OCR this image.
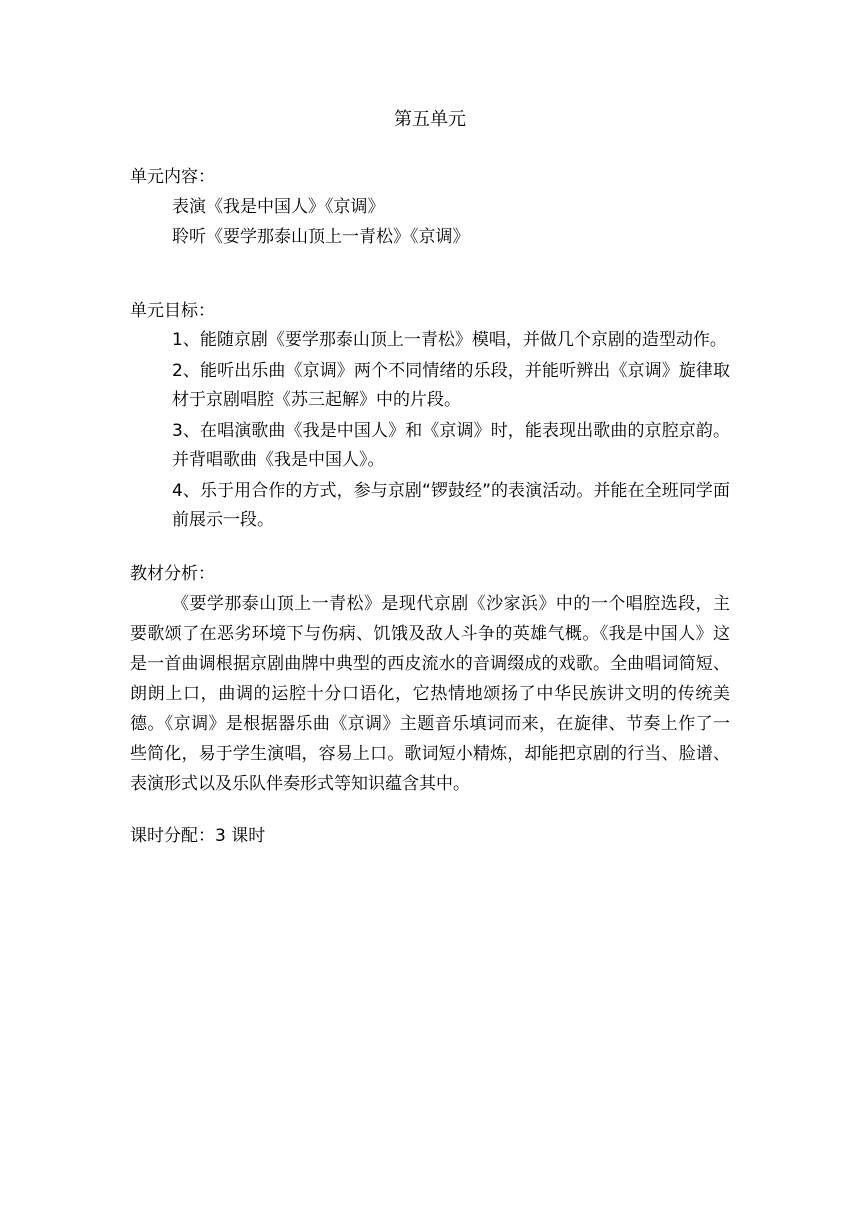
第五单元

单元内容：

表演《我是中国人》《京调》

聆听《要学那泰山顶上一青松》《京调》

单元目标：

1、能随京剧《要学那泰山顶上一青松》模唱，并做几个京剧的造型动作。

2、能听出乐曲《京调》两个不同情绪的乐段，并能听辨出《京调》旋律取材于京剧唱腔《苏三起解》中的片段。

3、在唱演歌曲《我是中国人》和《京调》时，能表现出歌曲的京腔京韵。并背唱歌曲《我是中国人》。

4、乐于用合作的方式，参与京剧“锣鼓经”的表演活动。并能在全班同学面前展示一段。

教材分析：

《要学那泰山顶上一青松》是现代京剧《沙家浜》中的一个唱腔选段，主要歌颂了在恶劣环境下与伤病、饥饿及敌人斗争的英雄气概。《我是中国人》这是一首曲调根据京剧曲牌中典型的西皮流水的音调缀成的戏歌。全曲唱词简短、朗朗上口，曲调的运腔十分口语化，它热情地颂扬了中华民族讲文明的传统美德。《京调》是根据器乐曲《京调》主题音乐填词而来，在旋律、节奏上作了一些简化，易于学生演唱，容易上口。歌词短小精炼，却能把京剧的行当、脸谱、表演形式以及乐队伴奏形式等知识蕴含其中。

课时分配：3 课时
